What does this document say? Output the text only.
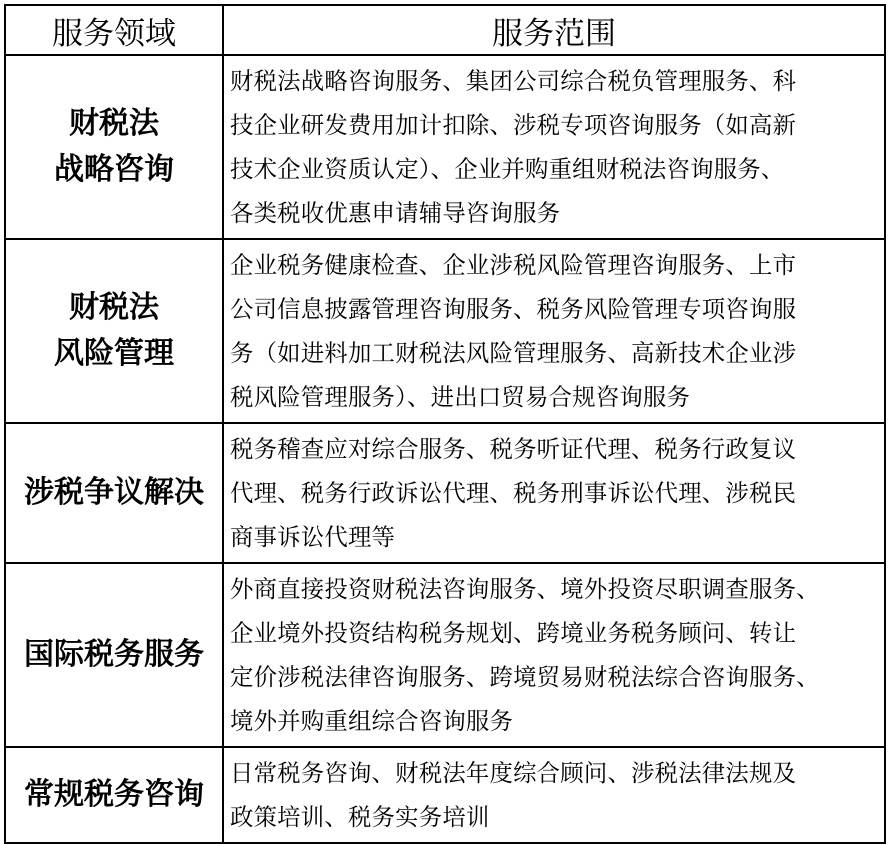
服务领域	服务范围

财税法
战略咨询	财税法战略咨询服务、集团公司综合税负管理服务、科
技企业研发费用加计扣除、涉税专项咨询服务（如高新
技术企业资质认定）、企业并购重组财税法咨询服务、
各类税收优惠申请辅导咨询服务

财税法
风险管理	企业税务健康检查、企业涉税风险管理咨询服务、上市
公司信息披露管理咨询服务、税务风险管理专项咨询服
务（如进料加工财税法风险管理服务、高新技术企业涉
税风险管理服务）、进出口贸易合规咨询服务

涉税争议解决	税务稽查应对综合服务、税务听证代理、税务行政复议
代理、税务行政诉讼代理、税务刑事诉讼代理、涉税民
商事诉讼代理等

国际税务服务	外商直接投资财税法咨询服务、境外投资尽职调查服务、
企业境外投资结构税务规划、跨境业务税务顾问、转让
定价涉税法律咨询服务、跨境贸易财税法综合咨询服务、
境外并购重组综合咨询服务

常规税务咨询	日常税务咨询、财税法年度综合顾问、涉税法律法规及
政策培训、税务实务培训
